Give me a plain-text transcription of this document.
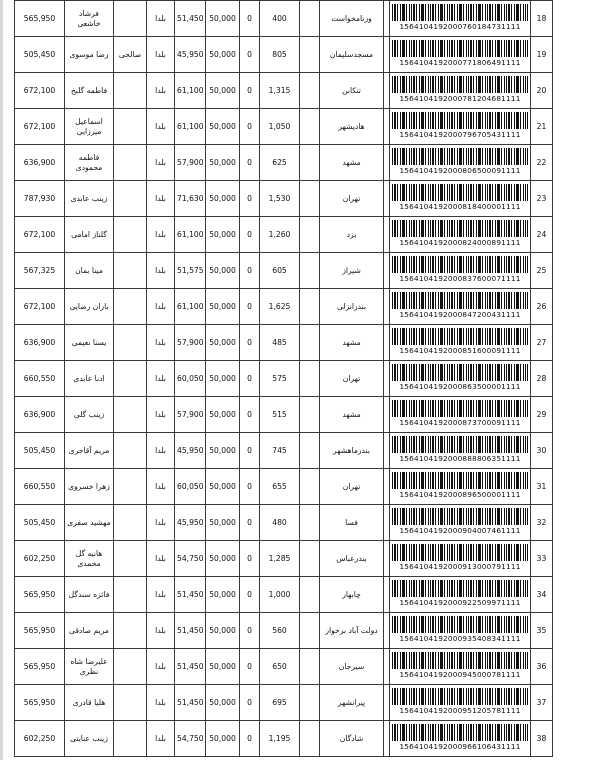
565,950	فرشاد خاشعی		بلدا	51,450	50,000	0	400		ورنامخواست		1564104192000760184731111	18
505,450	رضا موسوی	صالحی	بلدا	45,950	50,000	0	805		مسجدسلیمان		1564104192000771806491111	19
672,100	فاطمه گلبخ		بلدا	61,100	50,000	0	1,315		تنکابن		1564104192000781204681111	20
672,100	اسماعیل میرزایی		بلدا	61,100	50,000	0	1,050		هادیشهر		1564104192000796705431111	21
636,900	فاطمه محمودی		بلدا	57,900	50,000	0	625		مشهد		1564104192000806500091111	22
787,930	زینب عابدی		بلدا	71,630	50,000	0	1,530		تهران		1564104192000818400001111	23
672,100	گلناز امامی		بلدا	61,100	50,000	0	1,260		یزد		1564104192000824000891111	24
567,325	مینا بمان		بلدا	51,575	50,000	0	605		شیراز		1564104192000837600071111	25
672,100	باران رضایی		بلدا	61,100	50,000	0	1,625		بندرانزلی		1564104192000847200431111	26
636,900	یسنا نعیمی		بلدا	57,900	50,000	0	485		مشهد		1564104192000851600091111	27
660,550	ادنا عابدی		بلدا	60,050	50,000	0	575		تهران		1564104192000863500001111	28
636,900	زینب گلی		بلدا	57,900	50,000	0	515		مشهد		1564104192000873700091111	29
505,450	مریم آقاجری		بلدا	45,950	50,000	0	745		بندرماهشهر		1564104192000888806351111	30
660,550	زهرا خسروی		بلدا	60,050	50,000	0	655		تهران		1564104192000896500001111	31
505,450	مهشید صفری		بلدا	45,950	50,000	0	480		فسا		1564104192000904007461111	32
602,250	هانیه گل محمدی		بلدا	54,750	50,000	0	1,285		بندرعباس		1564104192000913000791111	33
565,950	فائزه سندگل		بلدا	51,450	50,000	0	1,000		چابهار		1564104192000922509971111	34
565,950	مریم صادقی		بلدا	51,450	50,000	0	560		دولت آباد برخوار		1564104192000935408341111	35
565,950	علیرضا شاه نظری		بلدا	51,450	50,000	0	650		سیرجان		1564104192000945000781111	36
565,950	هلیا قادری		بلدا	51,450	50,000	0	695		پیرانشهر		1564104192000951205781111	37
602,250	زینب عنایتی		بلدا	54,750	50,000	0	1,195		شادگان		1564104192000966106431111	38
